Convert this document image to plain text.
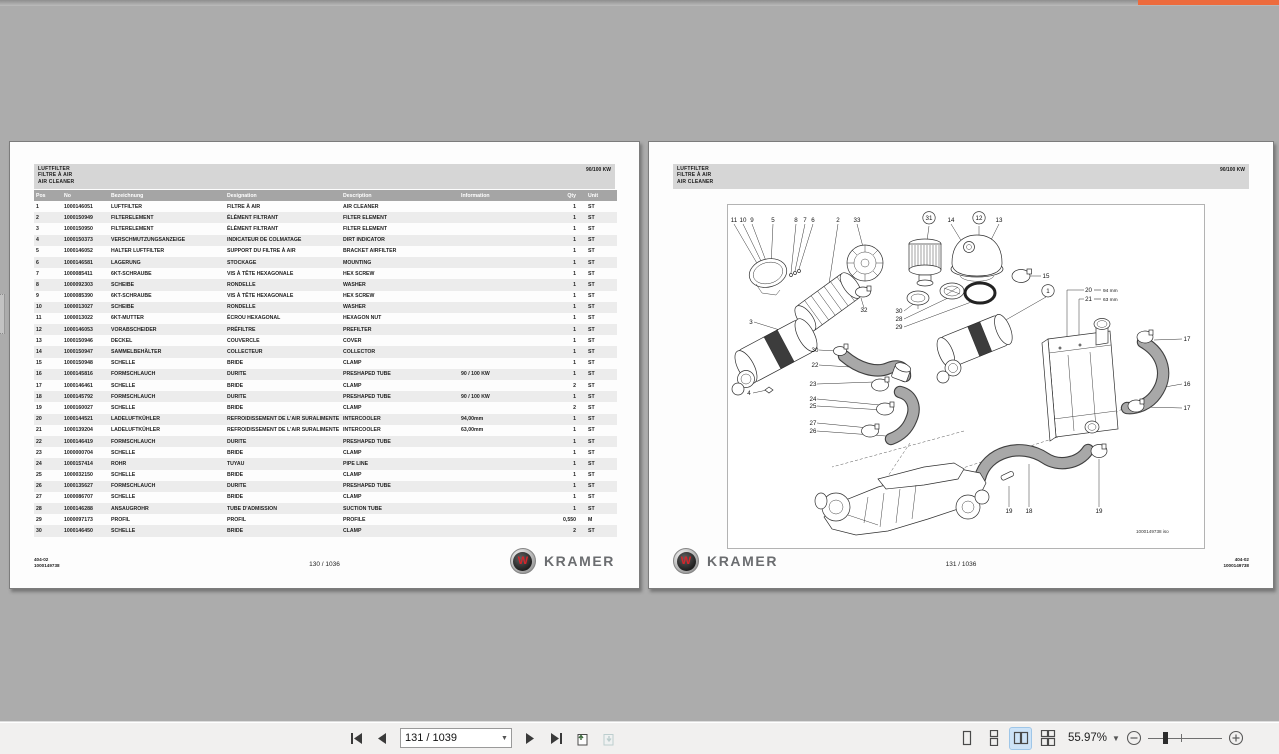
LUFTFILTER
FILTRE À AIR
AIR CLEANER
90/100 KW
Pos	No	Bezeichnung	Designation	Description	Information	Qty	Unit
1	1000146051	LUFTFILTER	FILTRE À AIR	AIR CLEANER		1	ST
2	1000150949	FILTERELEMENT	ÉLÉMENT FILTRANT	FILTER ELEMENT		1	ST
3	1000150950	FILTERELEMENT	ÉLÉMENT FILTRANT	FILTER ELEMENT		1	ST
4	1000150373	VERSCHMUTZUNGSANZEIGE	INDICATEUR DE COLMATAGE	DIRT INDICATOR		1	ST
5	1000146052	HALTER LUFTFILTER	SUPPORT DU FILTRE À AIR	BRACKET AIRFILTER		1	ST
6	1000146581	LAGERUNG	STOCKAGE	MOUNTING		1	ST
7	1000085411	6KT-SCHRAUBE	VIS À TÊTE HEXAGONALE	HEX SCREW		1	ST
8	1000092303	SCHEIBE	RONDELLE	WASHER		1	ST
9	1000085390	6KT-SCHRAUBE	VIS À TÊTE HEXAGONALE	HEX SCREW		1	ST
10	1000013027	SCHEIBE	RONDELLE	WASHER		1	ST
11	1000013022	6KT-MUTTER	ÉCROU HEXAGONAL	HEXAGON NUT		1	ST
12	1000146053	VORABSCHEIDER	PRÉFILTRE	PREFILTER		1	ST
13	1000150946	DECKEL	COUVERCLE	COVER		1	ST
14	1000150947	SAMMELBEHÄLTER	COLLECTEUR	COLLECTOR		1	ST
15	1000150948	SCHELLE	BRIDE	CLAMP		1	ST
16	1000145816	FORMSCHLAUCH	DURITE	PRESHAPED TUBE	90 / 100 KW	1	ST
17	1000146461	SCHELLE	BRIDE	CLAMP		2	ST
18	1000145792	FORMSCHLAUCH	DURITE	PRESHAPED TUBE	90 / 100 KW	1	ST
19	1000160027	SCHELLE	BRIDE	CLAMP		2	ST
20	1000144521	LADELUFTKÜHLER	REFROIDISSEMENT DE L'AIR SURALIMENTE	INTERCOOLER	94,00mm	1	ST
21	1000139204	LADELUFTKÜHLER	REFROIDISSEMENT DE L'AIR SURALIMENTE	INTERCOOLER	63,00mm	1	ST
22	1000146419	FORMSCHLAUCH	DURITE	PRESHAPED TUBE		1	ST
23	1000000704	SCHELLE	BRIDE	CLAMP		1	ST
24	1000157414	ROHR	TUYAU	PIPE LINE		1	ST
25	1000032150	SCHELLE	BRIDE	CLAMP		1	ST
26	1000135627	FORMSCHLAUCH	DURITE	PRESHAPED TUBE		1	ST
27	1000086707	SCHELLE	BRIDE	CLAMP		1	ST
28	1000146288	ANSAUGROHR	TUBE D'ADMISSION	SUCTION TUBE		1	ST
29	1000097173	PROFIL	PROFIL	PROFILE		0,550	M
30	1000146450	SCHELLE	BRIDE	CLAMP		2	ST
404-02
1000149738	130 / 1036	W KRAMER
LUFTFILTER
FILTRE À AIR
AIR CLEANER
90/100 KW
11 10 9	5	8 7 6	2 33	31 14	12 13
3
32	30
28
29
30
22
23
24
25
27
26
4
15
1
17
16
17
19 18	19
20 94 mm
21 63 mm
1000149738 iso
W KRAMER	131 / 1036
404-02
1000149738
131 / 1039
▼	55.97% ▼
